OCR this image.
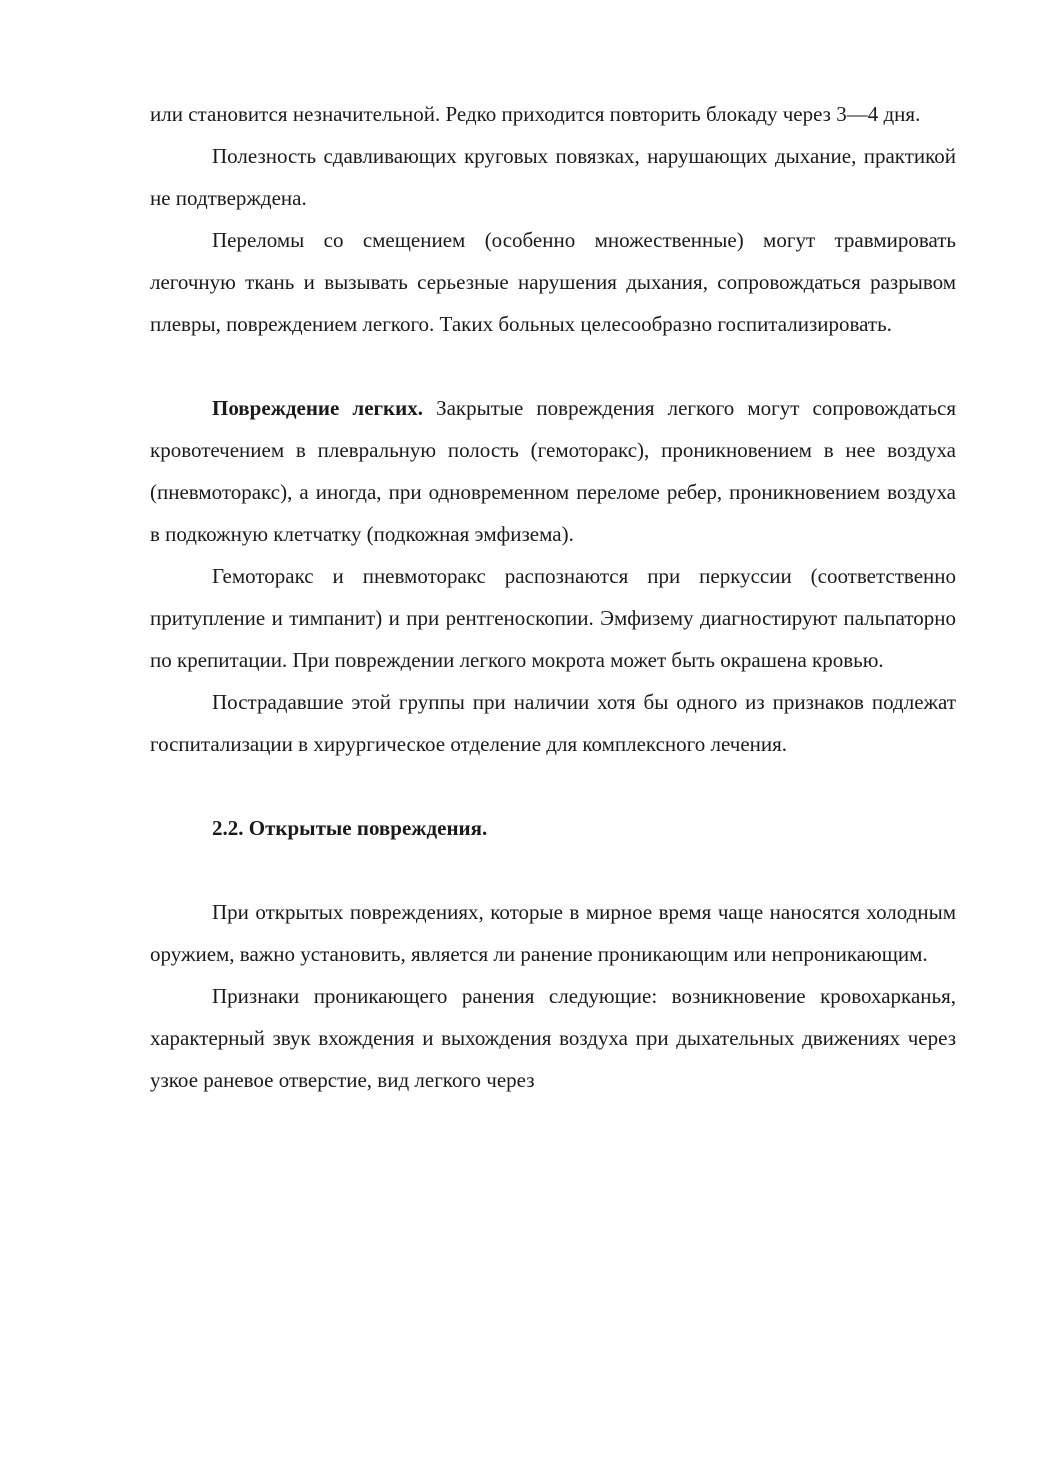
или становится незначительной. Редко приходится повторить блокаду через 3—4 дня.

Полезность сдавливающих круговых повязках, нарушающих дыхание, практикой не подтверждена.

Переломы со смещением (особенно множественные) могут травмировать легочную ткань и вызывать серьезные нарушения дыхания, сопровождаться разрывом плевры, повреждением легкого. Таких больных целесообразно госпитализировать.

Повреждение легких. Закрытые повреждения легкого могут сопровождаться кровотечением в плевральную полость (гемоторакс), проникновением в нее воздуха (пневмоторакс), а иногда, при одновременном переломе ребер, проникновением воздуха в подкожную клетчатку (подкожная эмфизема).

Гемоторакс и пневмоторакс распознаются при перкуссии (соответственно притупление и тимпанит) и при рентгеноскопии. Эмфизему диагностируют пальпаторно по крепитации. При повреждении легкого мокрота может быть окрашена кровью.

Пострадавшие этой группы при наличии хотя бы одного из признаков подлежат госпитализации в хирургическое отделение для комплексного лечения.

2.2. Открытые повреждения.

При открытых повреждениях, которые в мирное время чаще наносятся холодным оружием, важно установить, является ли ранение проникающим или непроникающим.

Признаки проникающего ранения следующие: возникновение кровохарканья, характерный звук вхождения и выхождения воздуха при дыхательных движениях через узкое раневое отверстие, вид легкого через
